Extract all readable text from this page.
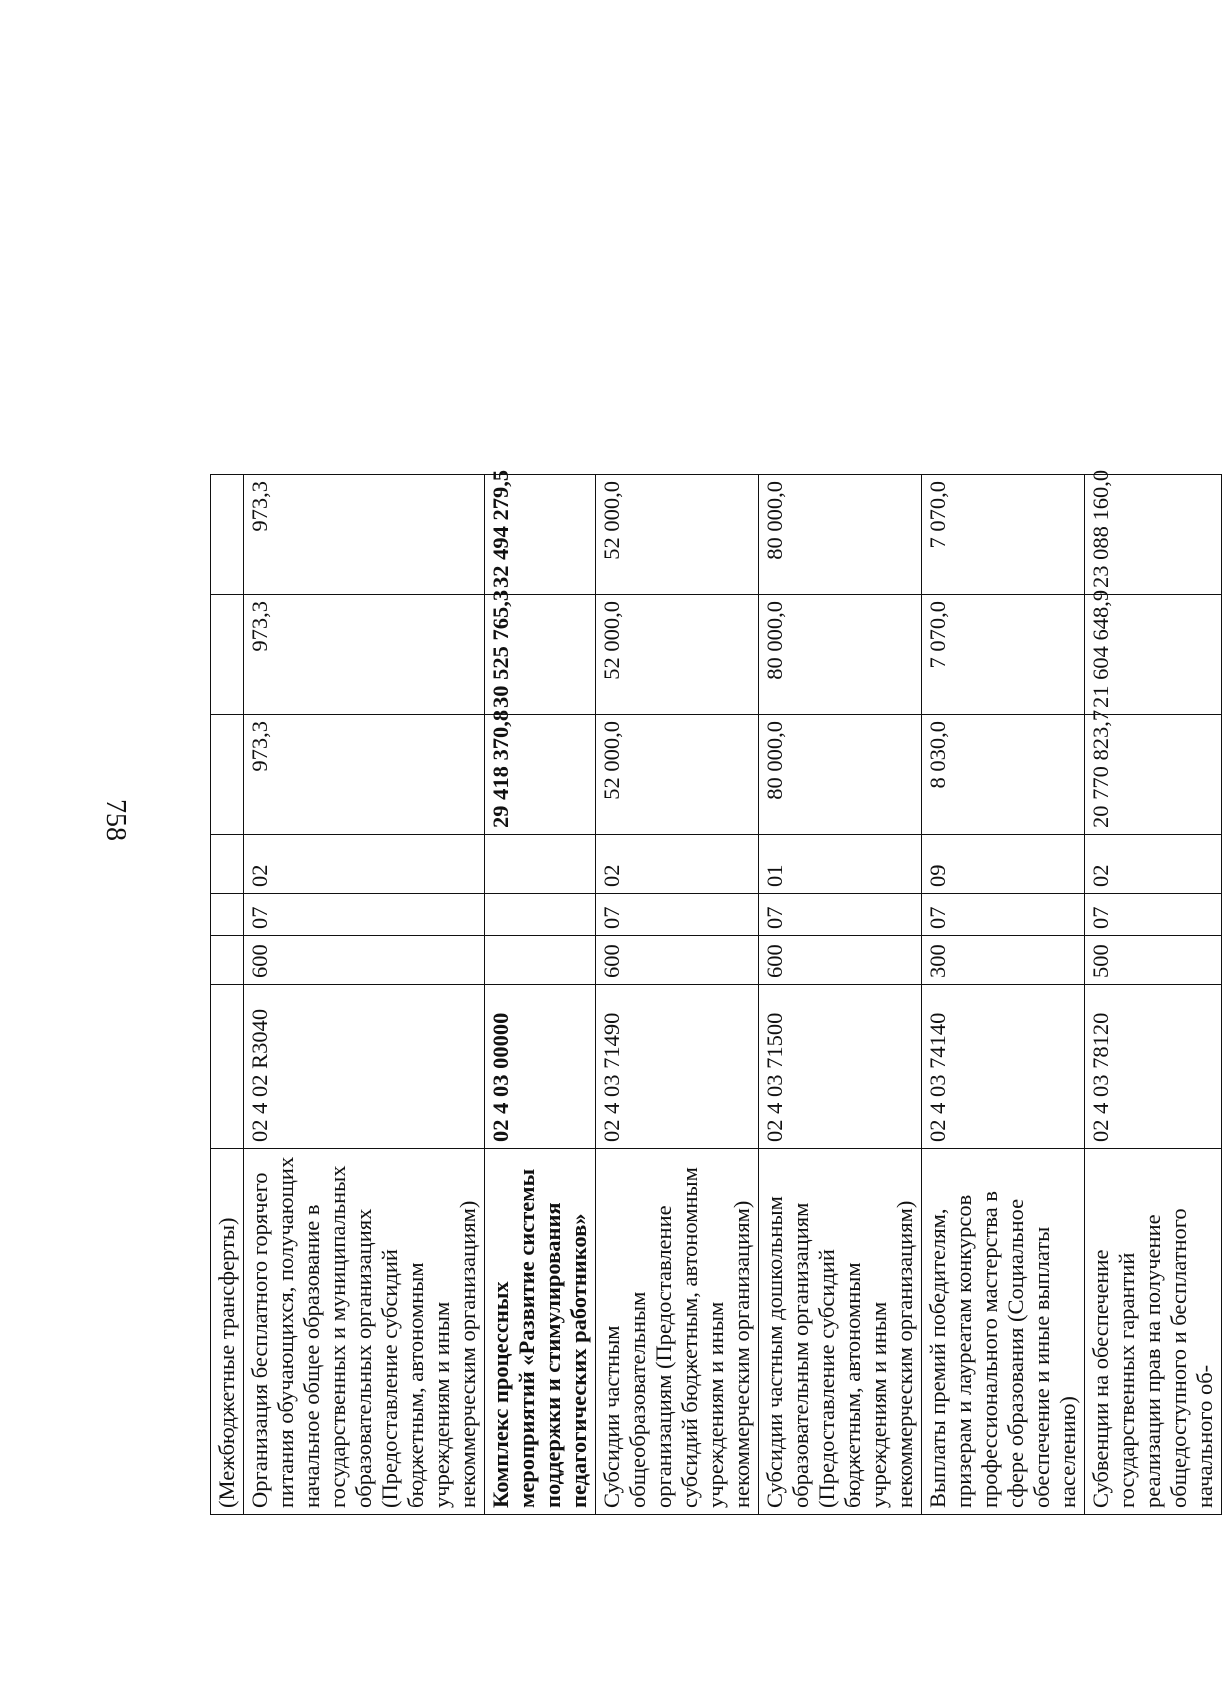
758
(Межбюджетные трансферты)							
Организация бесплатного горячего питания обучающихся, получающих начальное общее образование в государственных и муниципальных образовательных организациях (Предоставление субсидий бюджетным, автономным учреждениям и иным некоммерческим организациям)	02 4 02 R3040	600	07	02	973,3	973,3	973,3
Комплекс процессных мероприятий «Развитие системы поддержки и стимулирования педагогических работников»	02 4 03 00000				29 418 370,8	30 525 765,3	32 494 279,5
Субсидии частным общеобразовательным организациям (Предоставление субсидий бюджетным, автономным учреждениям и иным некоммерческим организациям)	02 4 03 71490	600	07	02	52 000,0	52 000,0	52 000,0
Субсидии частным дошкольным образовательным организациям (Предоставление субсидий бюджетным, автономным учреждениям и иным некоммерческим организациям)	02 4 03 71500	600	07	01	80 000,0	80 000,0	80 000,0
Выплаты премий победителям, призерам и лауреатам конкурсов профессионального мастерства в сфере образования (Социальное обеспечение и иные выплаты населению)	02 4 03 74140	300	07	09	8 030,0	7 070,0	7 070,0
Субвенции на обеспечение государственных гарантий реализации прав на получение общедоступного и бесплатного начального об-	02 4 03 78120	500	07	02	20 770 823,7	21 604 648,9	23 088 160,0
